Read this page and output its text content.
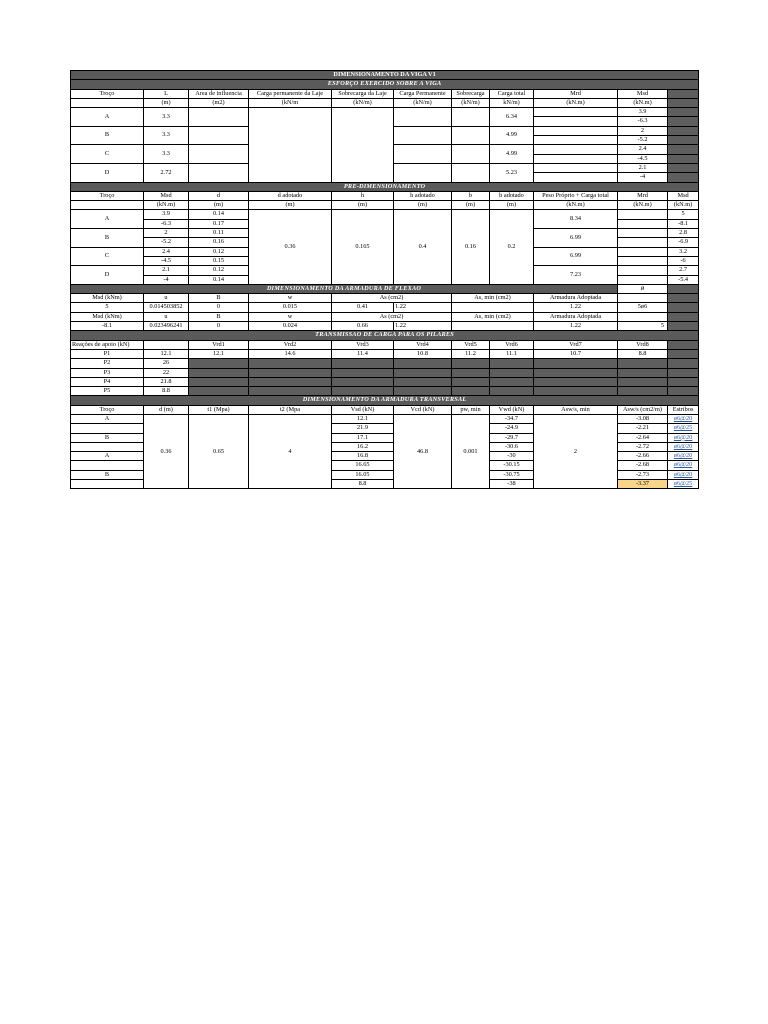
DIMENSIONAMENTO DA VIGA V1										
ESFORÇO EXERCIDO SOBRE A VIGA										
Troço	L	Area de influencia	Carga permanente da Laje	Sobrecarga da Laje	Carga Permanente	Sobrecarga	Carga total	Mrd	Msd	
	(m)	(m2)	(kN/m	(kN/m)	(kN/m)	(kN/m)	kN/m)	(kN.m)	(kN.m)	
A	3.3						6.34		3.9	
									-6.3	
B	3.3						4.99		2	
									-5.2	
C	3.3						4.99		2.4	
									-4.5	
D	2.72						5.23		2.1	
									-4	
PRE-DIMENSIONAMENTO										
Troço	Msd	d	d adotado	h	h adotado	b	b adotado	Peso Próprio + Carga total	Mrd	Msd
	(kN.m)	(m)	(m)	(m)	(m)	(m)	(m)	(kN.m)	(kN.m)	(kN.m)
A	3.9	0.14	0.36	0.165	0.4	0.16	0.2	8.34		5
	-6.3	0.17								-8.1
B	2	0.11						6.99		2.8
	-5.2	0.16								-6.9
C	2.4	0.12						6.99		3.2
	-4.5	0.15								-6
D	2.1	0.12						7.23		2.7
	-4	0.14								-5.4
DIMENSIONAMENTO DA ARMADURA DE FLEXAO									ø	
Msd (kNm)	u	B	w	As (cm2)		As, min (cm2)		Armadura Adoptada		
5	0.014503852	0	0.015	0.41	1.22			1.22	5ø6	
Msd (kNm)	u	B	w	As (cm2)		As, min (cm2)		Armadura Adoptada		
-8.1	0.023496241	0	0.024	0.66	1.22			1.22	5	
TRANSMISSAO DE CARGA PARA OS PILARES										
Reações de apoio (kN)		Vrd1	Vrd2	Vrd3	Vrd4	Vrd5	Vrd6	Vrd7	Vrd8	
P1	12.1	12.1	14.6	11.4	10.8	11.2	11.1	10.7	8.8	
P2	26									
P3	22									
P4	21.8									
P5	8.8									
DIMENSIONAMENTO DA ARMADURA TRANSVERSAL										
Troço	d (m)	t1 (Mpa)	t2 (Mpa	Vsd (kN)	Vcd (kN)	pw, min	Vwd (kN)	Asw/s, min	Asw/s (cm2/m)	Estribos
A	0.36	0.65	4	12.1	46.8	0.001	-34.7	2	-3.08	ø6@20
				21.9			-24.9		-2.21	ø6@25
B				17.1			-29.7		-2.64	ø6@20
				16.2			-30.6		-2.72	ø6@20
A				16.8			-30		-2.66	ø6@20
				16.65			-30.15		-2.68	ø6@20
B				16.05			-30.75		-2.73	ø6@20
				8.8			-38		-3.37	ø6@25
